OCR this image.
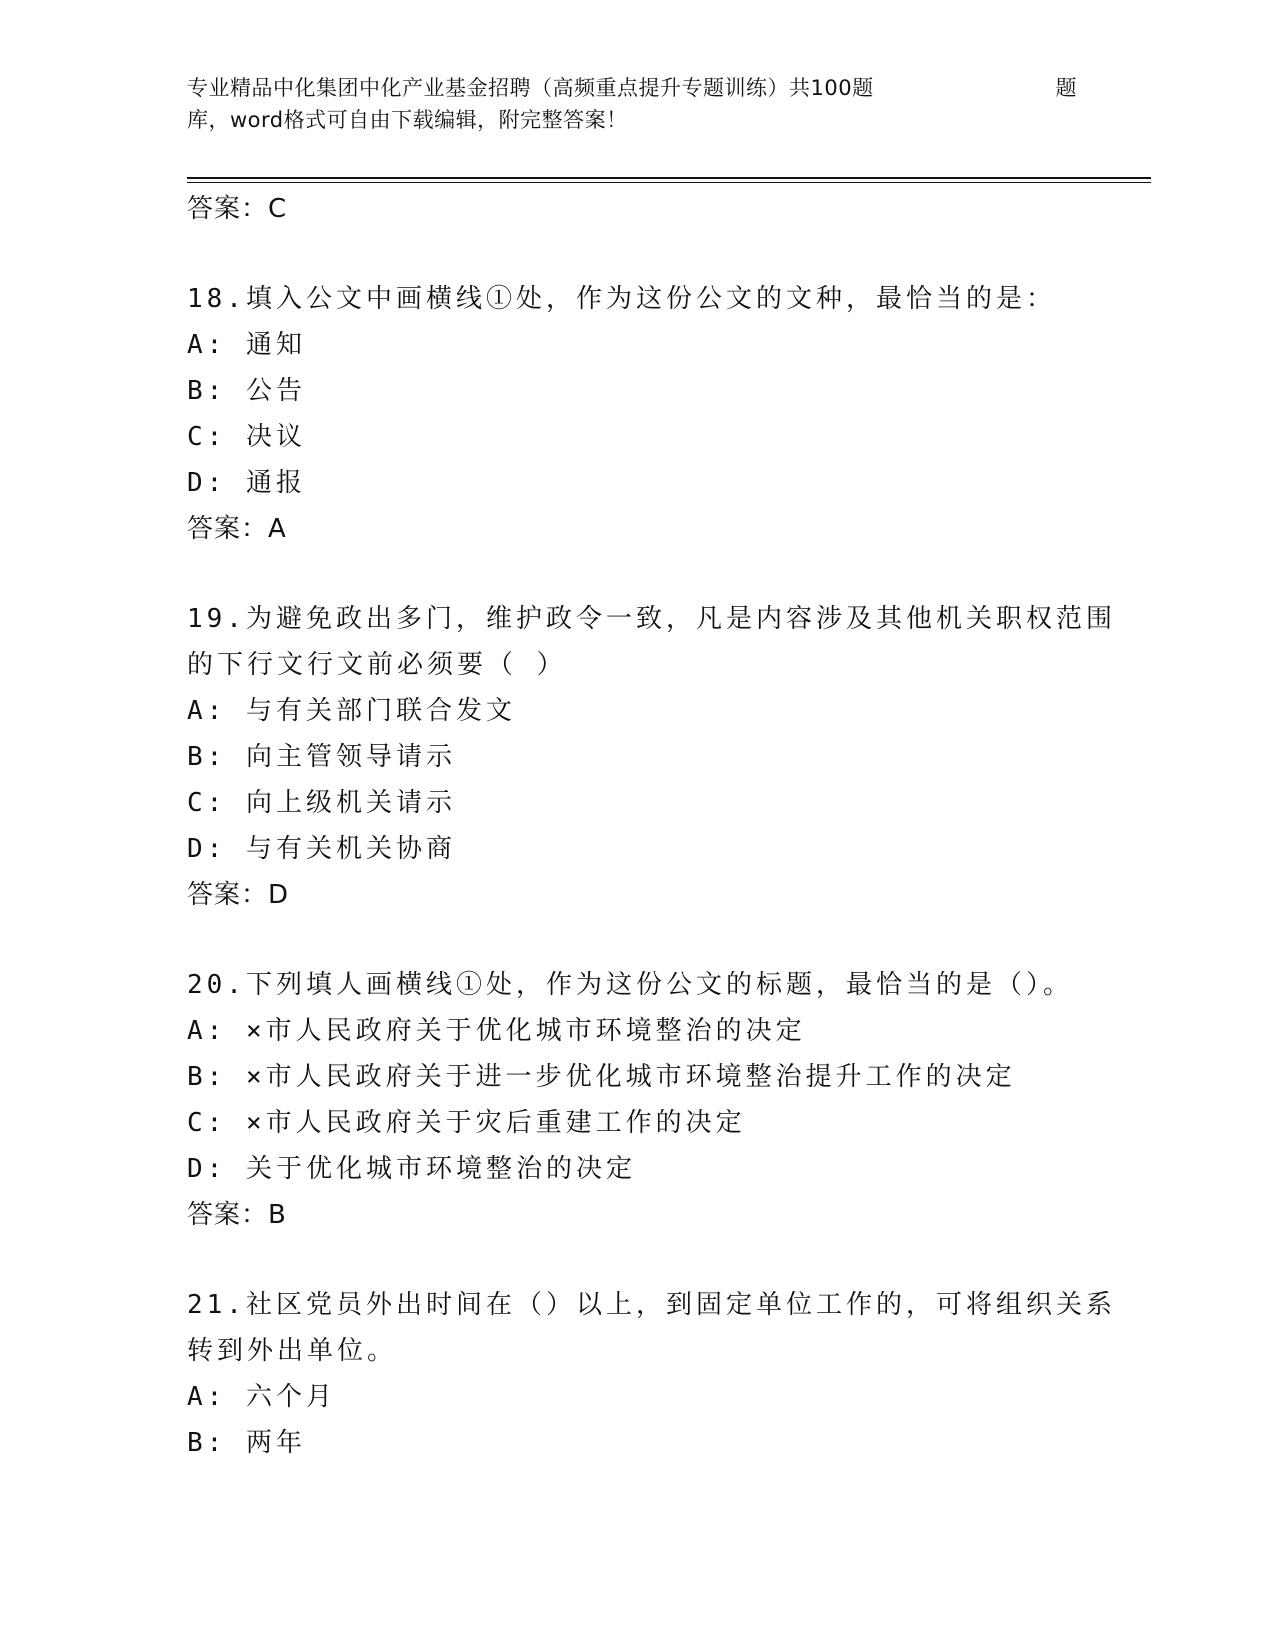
专业精品中化集团中化产业基金招聘（高频重点提升专题训练）共100题	题
库，word格式可自由下载编辑，附完整答案！
答案：C
18.填入公文中画横线①处，作为这份公文的文种，最恰当的是：
A: 通知
B: 公告
C: 决议
D: 通报
答案：A
19.为避免政出多门，维护政令一致，凡是内容涉及其他机关职权范围
的下行文行文前必须要（ ）
A: 与有关部门联合发文
B: 向主管领导请示
C: 向上级机关请示
D: 与有关机关协商
答案：D
20.下列填人画横线①处，作为这份公文的标题，最恰当的是（）。
A: ×市人民政府关于优化城市环境整治的决定
B: ×市人民政府关于进一步优化城市环境整治提升工作的决定
C: ×市人民政府关于灾后重建工作的决定
D: 关于优化城市环境整治的决定
答案：B
21.社区党员外出时间在（）以上，到固定单位工作的，可将组织关系
转到外出单位。
A: 六个月
B: 两年
